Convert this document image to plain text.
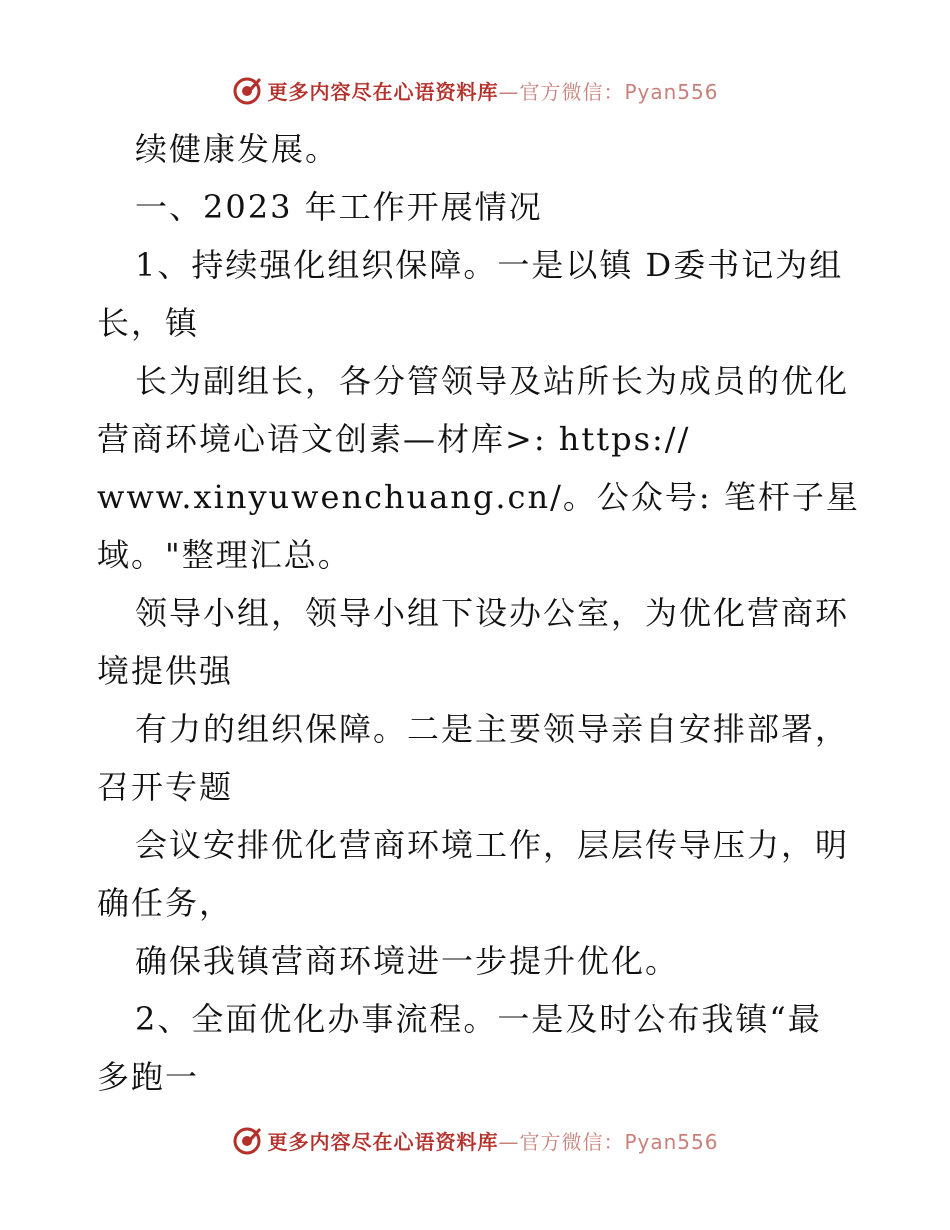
更多内容尽在心语资料库 —官方微信：Pyan556
续健康发展。
一、2023 年工作开展情况
1、持续强化组织保障。一是以镇 D委书记为组
长，镇
长为副组长，各分管领导及站所长为成员的优化
营商环境心语文创素—材库>: https://
www.xinyuwenchuang.cn/。公众号: 笔杆子星
域。"整理汇总。
领导小组，领导小组下设办公室，为优化营商环
境提供强
有力的组织保障。二是主要领导亲自安排部署，
召开专题
会议安排优化营商环境工作，层层传导压力，明
确任务，
确保我镇营商环境进一步提升优化。
2、全面优化办事流程。一是及时公布我镇“最
多跑一
更多内容尽在心语资料库 —官方微信：Pyan556
